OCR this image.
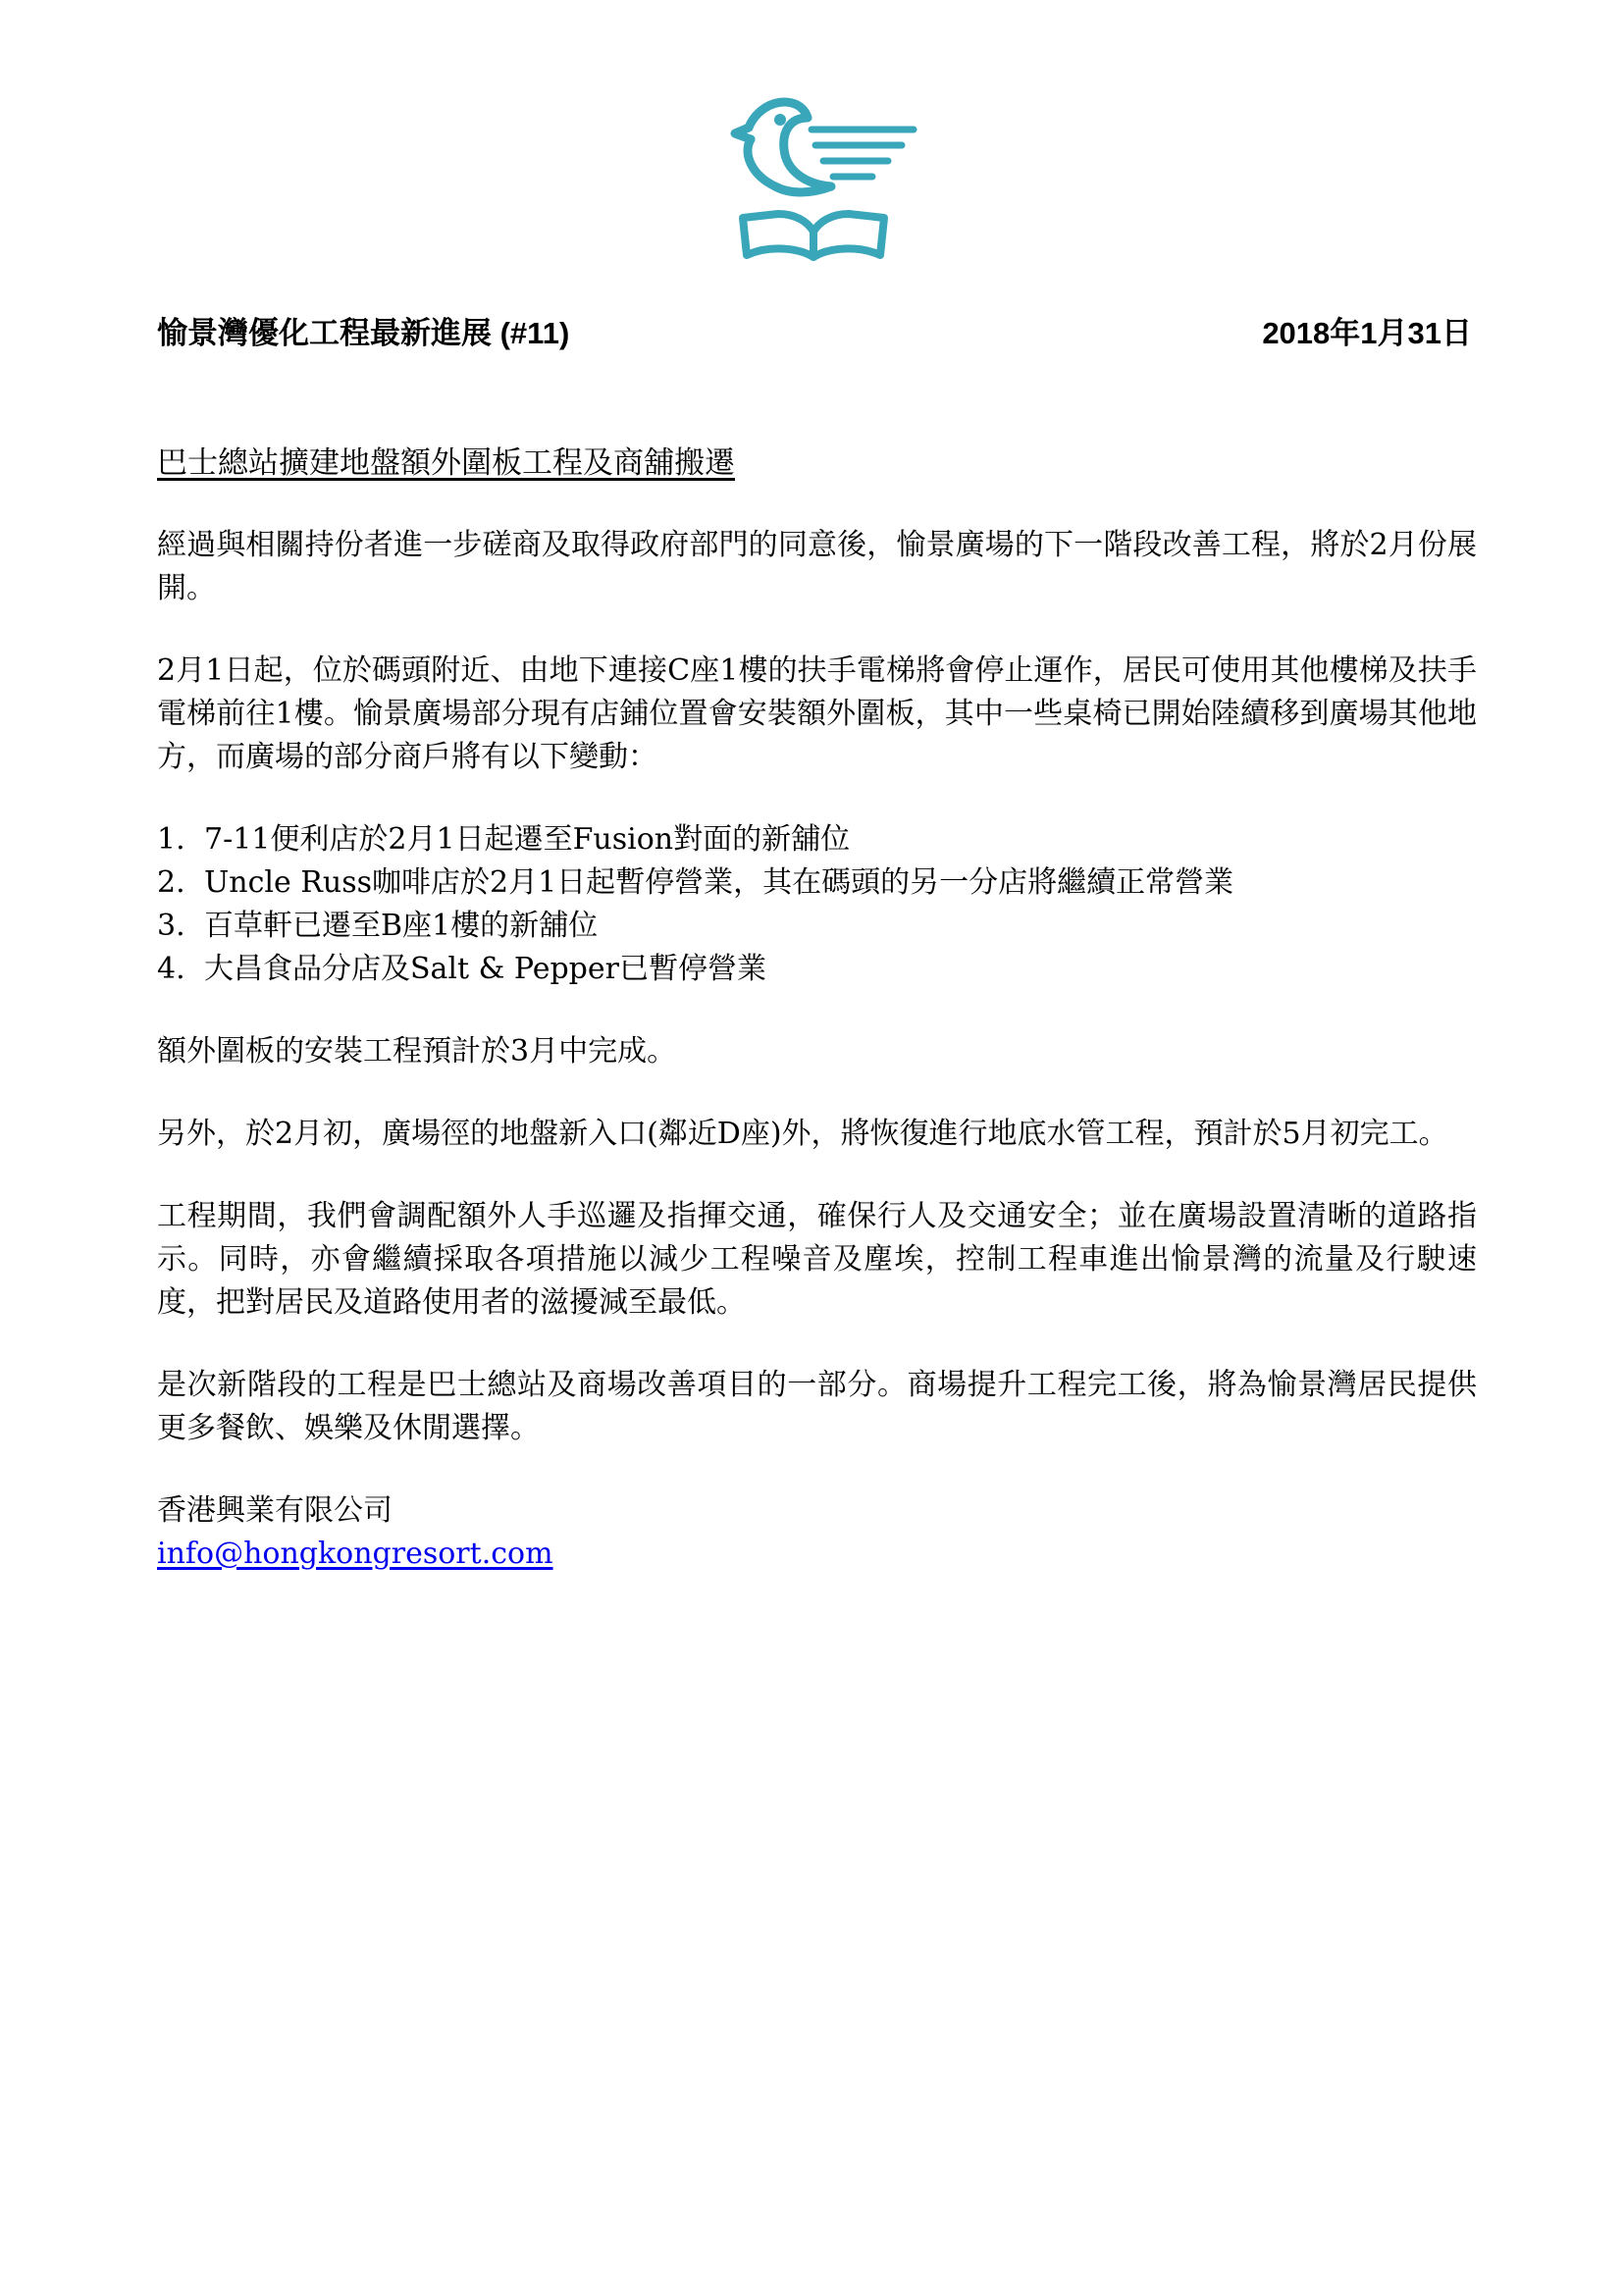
愉景灣優化工程最新進展 (#11)	2018年1月31日
巴士總站擴建地盤額外圍板工程及商舖搬遷

經過與相關持份者進一步磋商及取得政府部門的同意後，愉景廣場的下一階段改善工程，將於2月份展開。

2月1日起，位於碼頭附近、由地下連接C座1樓的扶手電梯將會停止運作，居民可使用其他樓梯及扶手電梯前往1樓。愉景廣場部分現有店鋪位置會安裝額外圍板，其中一些桌椅已開始陸續移到廣場其他地方，而廣場的部分商戶將有以下變動：

1. 7-11便利店於2月1日起遷至Fusion對面的新舖位
2. Uncle Russ咖啡店於2月1日起暫停營業，其在碼頭的另一分店將繼續正常營業
3. 百草軒已遷至B座1樓的新舖位
4. 大昌食品分店及Salt & Pepper已暫停營業

額外圍板的安裝工程預計於3月中完成。

另外，於2月初，廣場徑的地盤新入口(鄰近D座)外，將恢復進行地底水管工程，預計於5月初完工。

工程期間，我們會調配額外人手巡邏及指揮交通，確保行人及交通安全；並在廣場設置清晰的道路指示。同時，亦會繼續採取各項措施以減少工程噪音及塵埃，控制工程車進出愉景灣的流量及行駛速度，把對居民及道路使用者的滋擾減至最低。

是次新階段的工程是巴士總站及商場改善項目的一部分。商場提升工程完工後，將為愉景灣居民提供更多餐飲、娛樂及休閒選擇。

香港興業有限公司
info@hongkongresort.com
